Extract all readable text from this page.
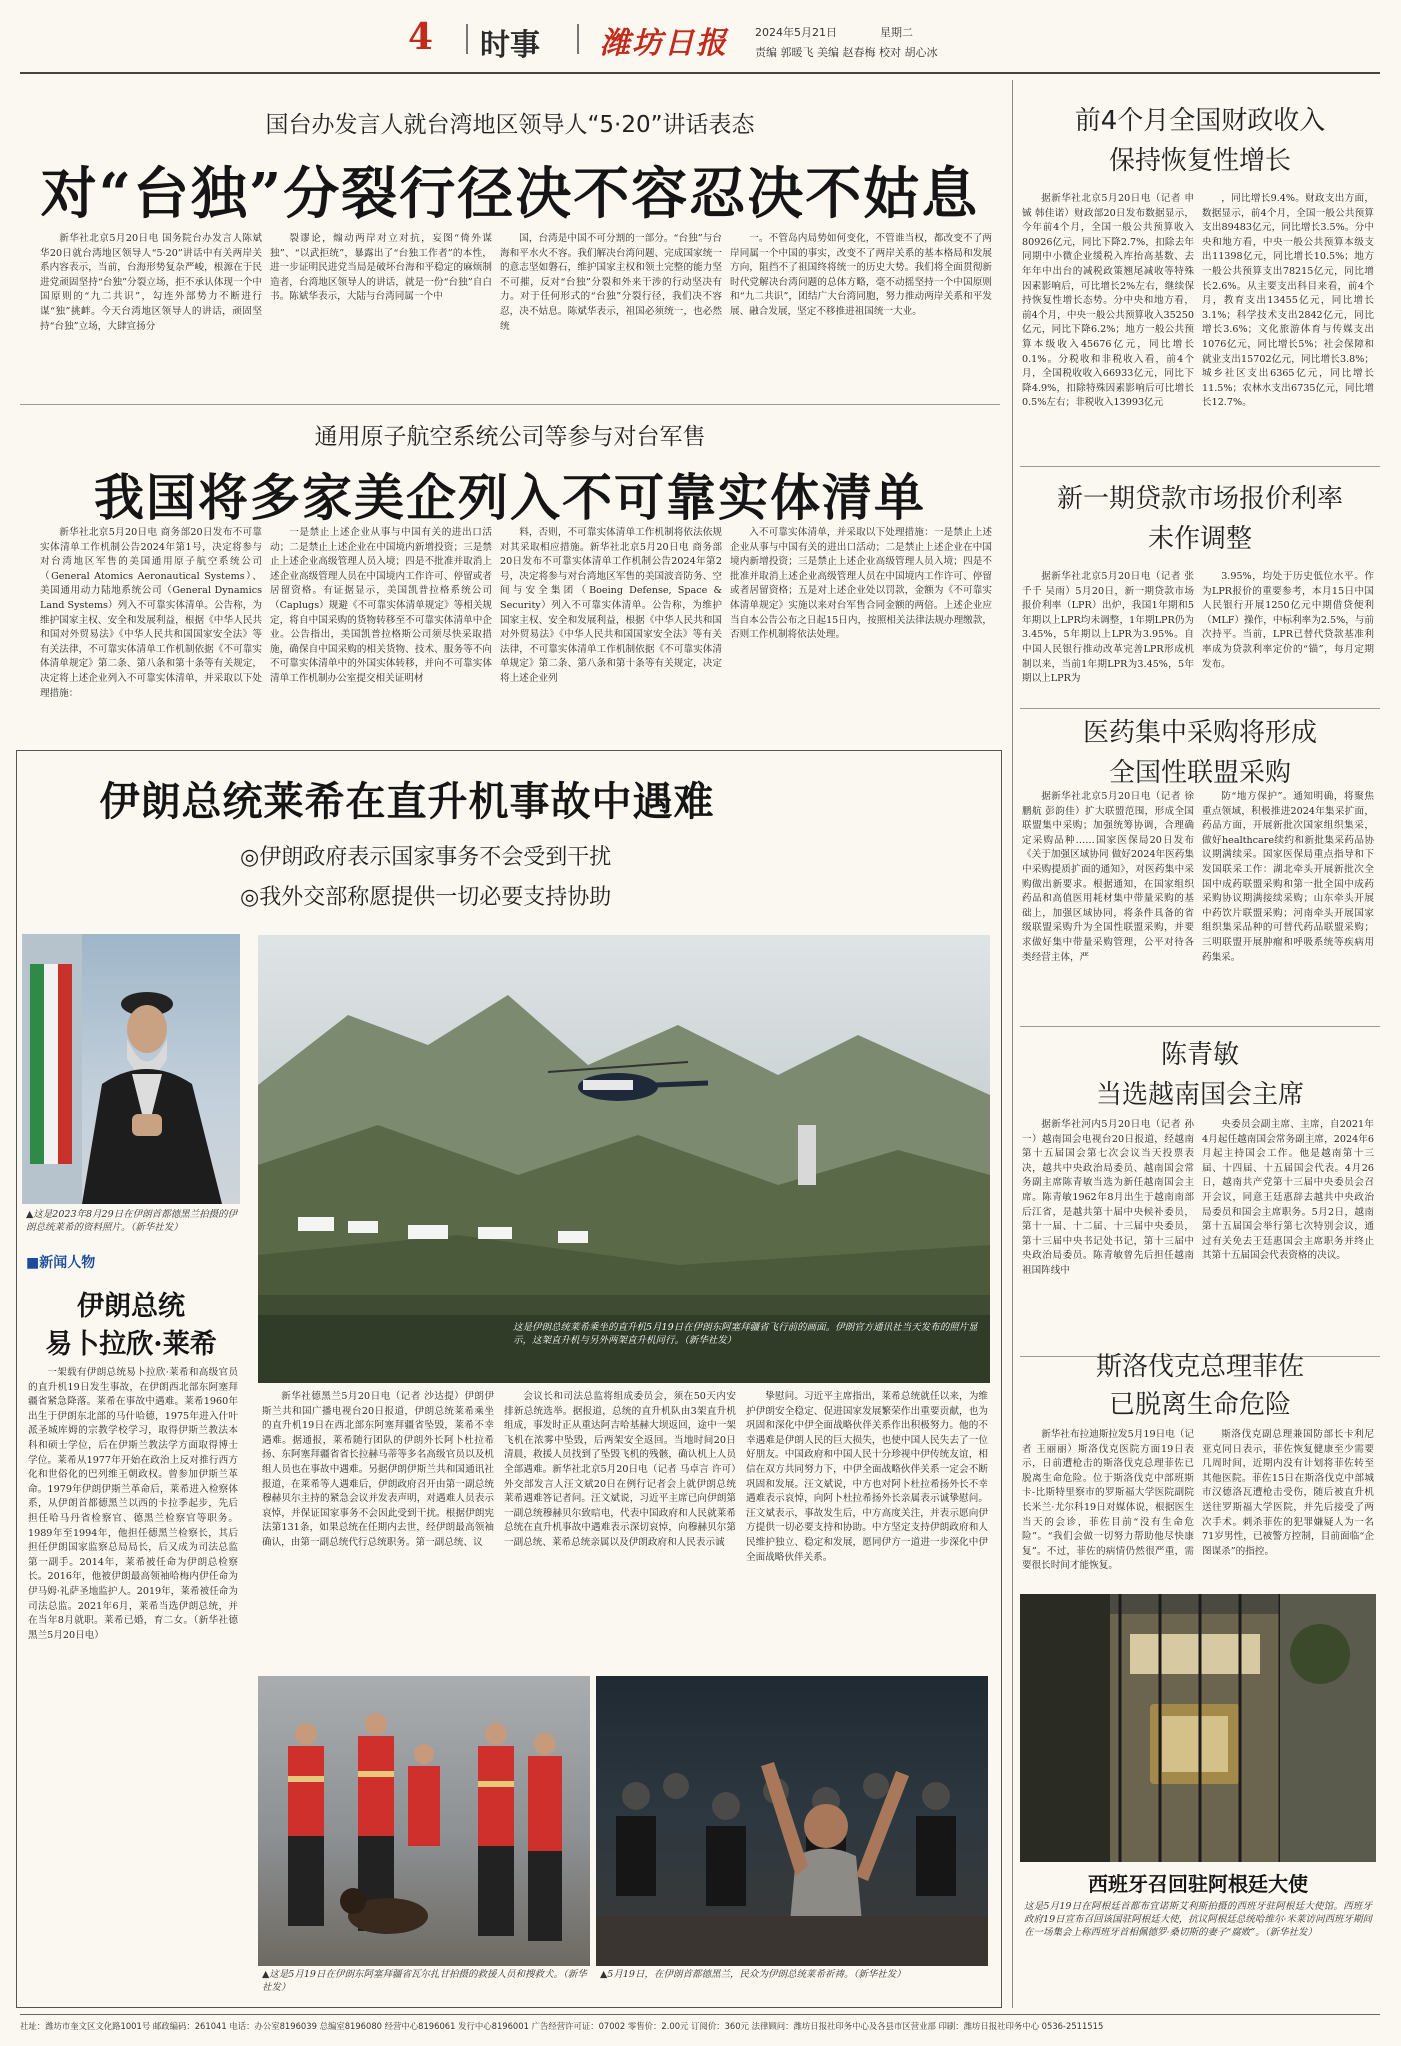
4 时事 潍坊日报 2024年5月21日	星期二
责编 郭暖飞 美编 赵春梅 校对 胡心冰
国台办发言人就台湾地区领导人“5·20”讲话表态
对“台独”分裂行径决不容忍决不姑息

新华社北京5月20日电 国务院台办发言人陈斌华20日就台湾地区领导人“5·20”讲话中有关两岸关系内容表示，当前，台海形势复杂严峻，根源在于民进党顽固坚持“台独”分裂立场，拒不承认体现一个中国原则的“九二共识”，勾连外部势力不断进行谋“独”挑衅。今天台湾地区领导人的讲话，顽固坚持“台独”立场，大肆宣扬分

裂谬论，煽动两岸对立对抗，妄图“倚外谋独”、“以武拒统”，暴露出了“台独工作者”的本性，进一步证明民进党当局是破坏台海和平稳定的麻烦制造者，台湾地区领导人的讲话，就是一份“台独”自白书。陈斌华表示，大陆与台湾同属一个中

国，台湾是中国不可分割的一部分。“台独”与台海和平水火不容。我们解决台湾问题、完成国家统一的意志坚如磐石，维护国家主权和领土完整的能力坚不可摧，反对“台独”分裂和外来干涉的行动坚决有力。对于任何形式的“台独”分裂行径，我们决不容忍，决不姑息。陈斌华表示，祖国必须统一，也必然统

一。不管岛内局势如何变化，不管谁当权，都改变不了两岸同属一个中国的事实，改变不了两岸关系的基本格局和发展方向，阻挡不了祖国终将统一的历史大势。我们将全面贯彻新时代党解决台湾问题的总体方略，毫不动摇坚持一个中国原则和“九二共识”，团结广大台湾同胞，努力推动两岸关系和平发展、融合发展，坚定不移推进祖国统一大业。

通用原子航空系统公司等参与对台军售
我国将多家美企列入不可靠实体清单

新华社北京5月20日电 商务部20日发布不可靠实体清单工作机制公告2024年第1号，决定将参与对台湾地区军售的美国通用原子航空系统公司（General Atomics Aeronautical Systems）、美国通用动力陆地系统公司（General Dynamics Land Systems）列入不可靠实体清单。公告称，为维护国家主权、安全和发展利益，根据《中华人民共和国对外贸易法》《中华人民共和国国家安全法》等有关法律，不可靠实体清单工作机制依据《不可靠实体清单规定》第二条、第八条和第十条等有关规定，决定将上述企业列入不可靠实体清单，并采取以下处理措施：

一是禁止上述企业从事与中国有关的进出口活动；二是禁止上述企业在中国境内新增投资；三是禁止上述企业高级管理人员入境；四是不批准并取消上述企业高级管理人员在中国境内工作许可、停留或者居留资格。有证据显示，美国凯普拉格系统公司（Caplugs）规避《不可靠实体清单规定》等相关规定，将自中国采购的货物转移至不可靠实体清单中企业。公告指出，美国凯普拉格斯公司须尽快采取措施，确保自中国采购的相关货物、技术、服务等不向不可靠实体清单中的外国实体转移，并向不可靠实体清单工作机制办公室提交相关证明材

料，否则，不可靠实体清单工作机制将依法依规对其采取相应措施。新华社北京5月20日电 商务部20日发布不可靠实体清单工作机制公告2024年第2号，决定将参与对台湾地区军售的美国波音防务、空间与安全集团（Boeing Defense, Space & Security）列入不可靠实体清单。公告称，为维护国家主权、安全和发展利益，根据《中华人民共和国对外贸易法》《中华人民共和国国家安全法》等有关法律，不可靠实体清单工作机制依据《不可靠实体清单规定》第二条、第八条和第十条等有关规定，决定将上述企业列

入不可靠实体清单，并采取以下处理措施：一是禁止上述企业从事与中国有关的进出口活动；二是禁止上述企业在中国境内新增投资；三是禁止上述企业高级管理人员入境；四是不批准并取消上述企业高级管理人员在中国境内工作许可、停留或者居留资格；五是对上述企业处以罚款，金额为《不可靠实体清单规定》实施以来对台军售合同金额的两倍。上述企业应当自本公告公布之日起15日内，按照相关法律法规办理缴款，否则工作机制将依法处理。

伊朗总统莱希在直升机事故中遇难
◎伊朗政府表示国家事务不会受到干扰
◎我外交部称愿提供一切必要支持协助
▲这是2023年8月29日在伊朗首都德黑兰拍摄的伊朗总统莱希的资料照片。（新华社发）
这是伊朗总统莱希乘坐的直升机5月19日在伊朗东阿塞拜疆省飞行前的画面。伊朗官方通讯社当天发布的照片显示，这架直升机与另外两架直升机同行。（新华社发）
■新闻人物
伊朗总统
易卜拉欣·莱希

一架载有伊朗总统易卜拉欣·莱希和高级官员的直升机19日发生事故，在伊朗西北部东阿塞拜疆省紧急降落。莱希在事故中遇难。莱希1960年出生于伊朗东北部的马什哈德，1975年进入什叶派圣城库姆的宗教学校学习，取得伊斯兰教法本科和硕士学位，后在伊斯兰教法学方面取得博士学位。莱希从1977年开始在政治上反对推行西方化和世俗化的巴列维王朝政权。曾参加伊斯兰革命。1979年伊朗伊斯兰革命后，莱希进入检察体系，从伊朗首都德黑兰以西的卡拉季起步，先后担任哈马丹省检察官、德黑兰检察官等职务。1989年至1994年，他担任德黑兰检察长，其后担任伊朗国家监察总局局长，后又成为司法总监第一副手。2014年，莱希被任命为伊朗总检察长。2016年，他被伊朗最高领袖哈梅内伊任命为伊马姆·礼萨圣地监护人。2019年，莱希被任命为司法总监。2021年6月，莱希当选伊朗总统，并在当年8月就职。莱希已婚，育二女。（新华社德黑兰5月20日电）

新华社德黑兰5月20日电（记者 沙达提）伊朗伊斯兰共和国广播电视台20日报道，伊朗总统莱希乘坐的直升机19日在西北部东阿塞拜疆省坠毁，莱希不幸遇难。据通报，莱希随行团队的伊朗外长阿卜杜拉希扬、东阿塞拜疆省省长拉赫马蒂等多名高级官员以及机组人员也在事故中遇难。另据伊朗伊斯兰共和国通讯社报道，在莱希等人遇难后，伊朗政府召开由第一副总统穆赫贝尔主持的紧急会议并发表声明，对遇难人员表示哀悼，并保证国家事务不会因此受到干扰。根据伊朗宪法第131条，如果总统在任期内去世，经伊朗最高领袖确认，由第一副总统代行总统职务。第一副总统、议

会议长和司法总监将组成委员会，须在50天内安排新总统选举。据报道，总统的直升机队由3架直升机组成，事发时正从重达阿吉哈基赫大坝返回，途中一架飞机在浓雾中坠毁，后两架安全返回。当地时间20日清晨，救援人员找到了坠毁飞机的残骸，确认机上人员全部遇难。新华社北京5月20日电（记者 马卓言 许可）外交部发言人汪文斌20日在例行记者会上就伊朗总统莱希遇难答记者问。汪文斌说，习近平主席已向伊朗第一副总统穆赫贝尔致唁电，代表中国政府和人民就莱希总统在直升机事故中遇难表示深切哀悼，向穆赫贝尔第一副总统、莱希总统亲属以及伊朗政府和人民表示诚

挚慰问。习近平主席指出，莱希总统就任以来，为维护伊朗安全稳定、促进国家发展繁荣作出重要贡献，也为巩固和深化中伊全面战略伙伴关系作出积极努力。他的不幸遇难是伊朗人民的巨大损失，也使中国人民失去了一位好朋友。中国政府和中国人民十分珍视中伊传统友谊，相信在双方共同努力下，中伊全面战略伙伴关系一定会不断巩固和发展。汪文斌说，中方也对阿卜杜拉希扬外长不幸遇难表示哀悼，向阿卜杜拉希扬外长亲属表示诚挚慰问。汪文斌表示，事故发生后，中方高度关注，并表示愿向伊方提供一切必要支持和协助。中方坚定支持伊朗政府和人民维护独立、稳定和发展，愿同伊方一道进一步深化中伊全面战略伙伴关系。

▲这是5月19日在伊朗东阿塞拜疆省瓦尔扎甘拍摄的救援人员和搜救犬。（新华社发）
▲5月19日，在伊朗首都德黑兰，民众为伊朗总统莱希祈祷。（新华社发）
前4个月全国财政收入
保持恢复性增长

据新华社北京5月20日电（记者 申铖 韩佳诺）财政部20日发布数据显示，今年前4个月，全国一般公共预算收入80926亿元，同比下降2.7%，扣除去年同期中小微企业缓税入库抬高基数、去年年中出台的减税政策翘尾减收等特殊因素影响后，可比增长2%左右，继续保持恢复性增长态势。分中央和地方看，前4个月，中央一般公共预算收入35250亿元，同比下降6.2%；地方一般公共预算本级收入45676亿元，同比增长0.1%。分税收和非税收入看，前4个月，全国税收收入66933亿元，同比下降4.9%，扣除特殊因素影响后可比增长0.5%左右；非税收入13993亿元

，同比增长9.4%。财政支出方面，数据显示，前4个月，全国一般公共预算支出89483亿元，同比增长3.5%。分中央和地方看，中央一般公共预算本级支出11398亿元，同比增长10.5%；地方一般公共预算支出78215亿元，同比增长2.6%。从主要支出科目来看，前4个月，教育支出13455亿元，同比增长3.1%；科学技术支出2842亿元，同比增长3.6%；文化旅游体育与传媒支出1076亿元，同比增长5%；社会保障和就业支出15702亿元，同比增长3.8%；城乡社区支出6365亿元，同比增长11.5%；农林水支出6735亿元，同比增长12.7%。

新一期贷款市场报价利率
未作调整

据新华社北京5月20日电（记者 张千千 吴雨）5月20日，新一期贷款市场报价利率（LPR）出炉，我国1年期和5年期以上LPR均未调整，1年期LPR仍为3.45%，5年期以上LPR为3.95%。自中国人民银行推动改革完善LPR形成机制以来，当前1年期LPR为3.45%，5年期以上LPR为

3.95%，均处于历史低位水平。作为LPR报价的重要参考，本月15日中国人民银行开展1250亿元中期借贷便利（MLF）操作，中标利率为2.5%，与前次持平。当前，LPR已替代贷款基准利率成为贷款利率定价的“锚”，每月定期发布。

医药集中采购将形成
全国性联盟采购

据新华社北京5月20日电（记者 徐鹏航 彭韵佳）扩大联盟范围，形成全国联盟集中采购；加强统筹协调，合理确定采购品种……国家医保局20日发布《关于加强区域协同 做好2024年医药集中采购提质扩面的通知》，对医药集中采购做出新要求。根据通知，在国家组织药品和高值医用耗材集中带量采购的基础上，加强区域协同，将条件具备的省级联盟采购升为全国性联盟采购，并要求做好集中带量采购管理，公平对待各类经营主体，严

防“地方保护”。通知明确，将聚焦重点领域，积极推进2024年集采扩面，药品方面，开展新批次国家组织集采，做好healthcare续约和新批集采药品协议期满续采。国家医保局重点指导和下发国联采工作：湖北牵头开展新批次全国中成药联盟采购和第一批全国中成药采购协议期满接续采购；山东牵头开展中药饮片联盟采购；河南牵头开展国家组织集采品种的可替代药品联盟采购；三明联盟开展肿瘤和呼吸系统等疾病用药集采。

陈青敏
当选越南国会主席

据新华社河内5月20日电（记者 孙一）越南国会电视台20日报道，经越南第十五届国会第七次会议当天投票表决，越共中央政治局委员、越南国会常务副主席陈青敏当选为新任越南国会主席。陈青敏1962年8月出生于越南南部后江省，是越共第十届中央候补委员，第十一届、十二届、十三届中央委员，第十三届中央书记处书记，第十三届中央政治局委员。陈青敏曾先后担任越南祖国阵线中

央委员会副主席、主席，自2021年4月起任越南国会常务副主席，2024年6月起主持国会工作。他是越南第十三届、十四届、十五届国会代表。4月26日，越南共产党第十三届中央委员会召开会议，同意王廷惠辞去越共中央政治局委员和国会主席职务。5月2日，越南第十五届国会举行第七次特别会议，通过有关免去王廷惠国会主席职务并终止其第十五届国会代表资格的决议。

斯洛伐克总理菲佐
已脱离生命危险

新华社布拉迪斯拉发5月19日电（记者 王丽丽）斯洛伐克医院方面19日表示，日前遭枪击的斯洛伐克总理菲佐已脱离生命危险。位于斯洛伐克中部班斯卡-比斯特里察市的罗斯福大学医院副院长米兰·尤尔科19日对媒体说，根据医生当天的会诊，菲佐目前“没有生命危险”。“我们会做一切努力帮助他尽快康复”。不过，菲佐的病情仍然很严重，需要很长时间才能恢复。

斯洛伐克副总理兼国防部长卡利尼亚克同日表示，菲佐恢复健康至少需要几周时间，近期内没有计划将菲佐转至其他医院。菲佐15日在斯洛伐克中部城市汉德洛瓦遭枪击受伤，随后被直升机送往罗斯福大学医院，并先后接受了两次手术。刺杀菲佐的犯罪嫌疑人为一名71岁男性，已被警方控制，目前面临“企图谋杀”的指控。

西班牙召回驻阿根廷大使
这是5月19日在阿根廷首都布宜诺斯艾利斯拍摄的西班牙驻阿根廷大使馆。西班牙政府19日宣布召回该国驻阿根廷大使，抗议阿根廷总统哈维尔·米莱访问西班牙期间在一场集会上称西班牙首相佩德罗·桑切斯的妻子“腐败”。（新华社发）
社址：潍坊市奎文区文化路1001号 邮政编码：261041 电话：办公室8196039 总编室8196080 经营中心8196061 发行中心8196001 广告经营许可证：07002 零售价：2.00元 订阅价：360元 法律顾问：潍坊日报社印务中心及各县市区营业部 印刷：潍坊日报社印务中心 0536-2511515
